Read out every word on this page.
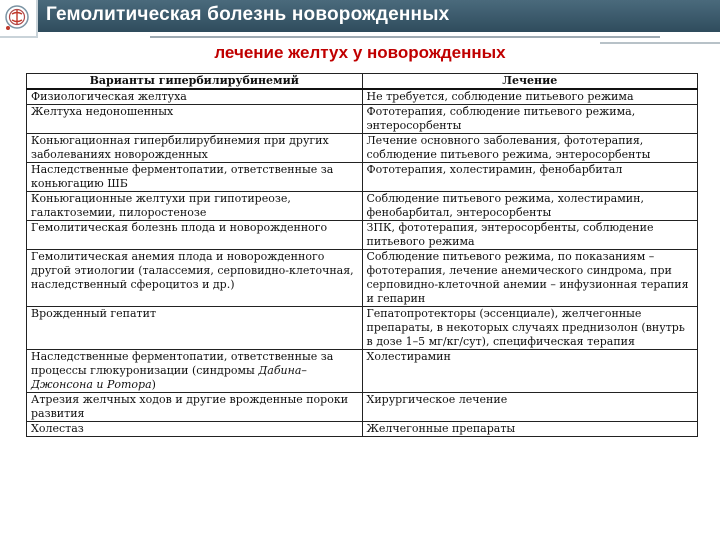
Гемолитическая болезнь новорожденных
лечение желтух у новорожденных
Варианты гипербилирубинемий	Лечение
Физиологическая желтуха	Не требуется, соблюдение питьевого режима
Желтуха недоношенных	Фототерапия, соблюдение питьевого режима, энтеросорбенты
Коньюгационная гипербилирубинемия при других заболеваниях новорожденных	Лечение основного заболевания, фототерапия, соблюдение питьевого режима, энтеросорбенты
Наследственные ферментопатии, ответственные за коньюгацию ШБ	Фототерапия, холестирамин, фенобарбитал
Коньюгационные желтухи при гипотиреозе, галактоземии, пилоростенозе	Соблюдение питьевого режима, холестирамин, фенобарбитал, энтеросорбенты
Гемолитическая болезнь плода и новорожденного	ЗПК, фототерапия, энтеросорбенты, соблюдение питьевого режима
Гемолитическая анемия плода и новорожденного другой этиологии (талассемия, серповидно-клеточная, наследственный сфероцитоз и др.)	Соблюдение питьевого режима, по показаниям – фототерапия, лечение анемического синдрома, при серповидно-клеточной анемии – инфузионная терапия и гепарин
Врожденный гепатит	Гепатопротекторы (эссенциале), желчегонные препараты, в некоторых случаях преднизолон (внутрь в дозе 1–5 мг/кг/сут), специфическая терапия
Наследственные ферментопатии, ответственные за процессы глюкуронизации (синдромы Дабина–Джонсона и Ротора)	Холестирамин
Атрезия желчных ходов и другие врожденные пороки развития	Хирургическое лечение
Холестаз	Желчегонные препараты
